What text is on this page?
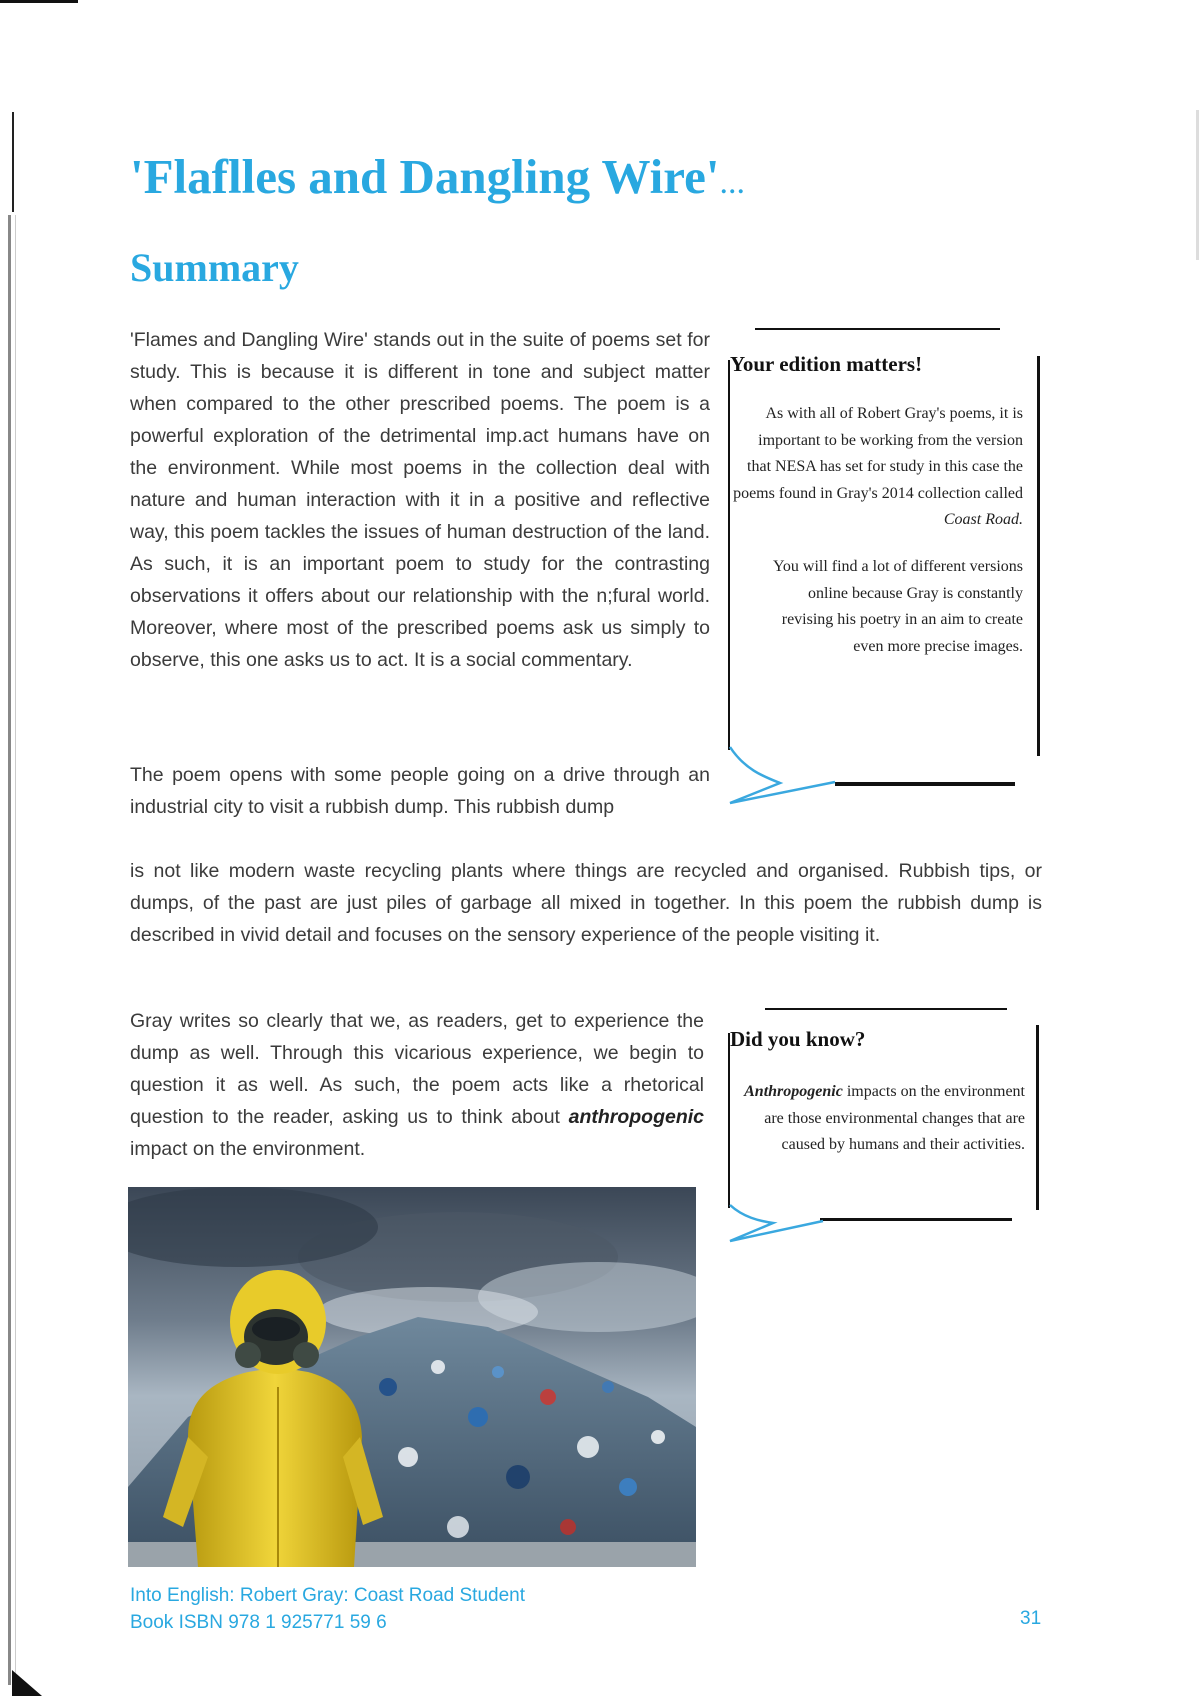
'Flaflles and Dangling Wire'...
Summary

'Flames and Dangling Wire' stands out in the suite of poems set for study. This is because it is different in tone and subject matter when compared to the other prescribed poems. The poem is a powerful exploration of the detrimental imp.act humans have on the environment. While most poems in the collection deal with nature and human interaction with it in a positive and reflective way, this poem tackles the issues of human destruction of the land. As such, it is an important poem to study for the contrasting observations it offers about our relationship with the n;fural world. Moreover, where most of the prescribed poems ask us simply to observe, this one asks us to act. It is a social commentary.

The poem opens with some people going on a drive through an industrial city to visit a rubbish dump. This rubbish dump

is not like modern waste recycling plants where things are recycled and organised. Rubbish tips, or dumps, of the past are just piles of garbage all mixed in together. In this poem the rubbish dump is described in vivid detail and focuses on the sensory experience of the people visiting it.

Gray writes so clearly that we, as readers, get to experience the dump as well. Through this vicarious experience, we begin to question it as well. As such, the poem acts like a rhetorical question to the reader, asking us to think about anthropogenic impact on the environment.

Your edition matters!

As with all of Robert Gray's poems, it is important to be working from the version that NESA has set for study in this case the poems found in Gray's 2014 collection called Coast Road.

You will find a lot of different versions online because Gray is constantly revising his poetry in an aim to create even more precise images.

Did you know?

Anthropogenic impacts on the environment are those environmental changes that are caused by humans and their activities.

Into English: Robert Gray: Coast Road Student
Book ISBN 978 1 925771 59 6	31
